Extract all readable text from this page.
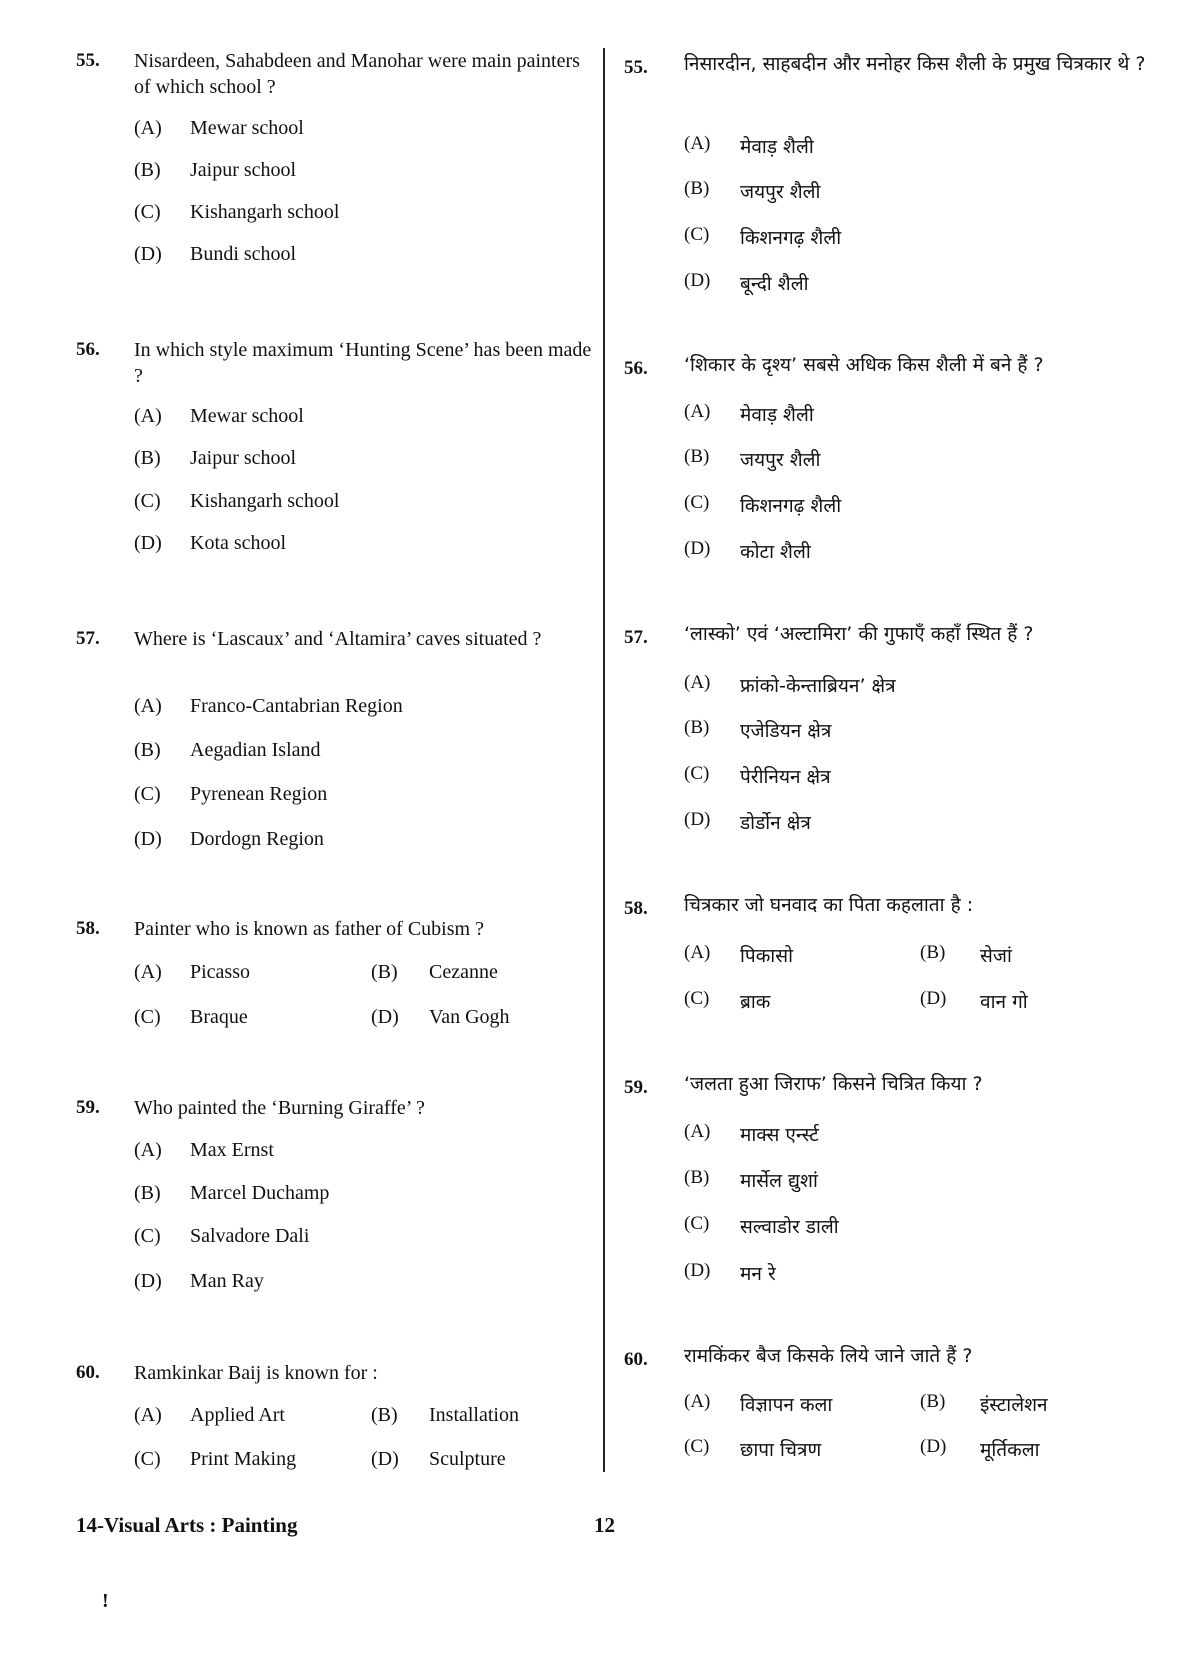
55. Nisardeen, Sahabdeen and Manohar were main painters of which school ?
(A) Mewar school
(B) Jaipur school
(C) Kishangarh school
(D) Bundi school
56. In which style maximum ‘Hunting Scene’ has been made ?
(A) Mewar school
(B) Jaipur school
(C) Kishangarh school
(D) Kota school
57. Where is ‘Lascaux’ and ‘Altamira’ caves situated ?
(A) Franco-Cantabrian Region
(B) Aegadian Island
(C) Pyrenean Region
(D) Dordogn Region
58. Painter who is known as father of Cubism ?
(A) Picasso	(B) Cezanne
(C) Braque	(D) Van Gogh
59. Who painted the ‘Burning Giraffe’ ?
(A) Max Ernst
(B) Marcel Duchamp
(C) Salvadore Dali
(D) Man Ray
60. Ramkinkar Baij is known for :
(A) Applied Art	(B) Installation
(C) Print Making	(D) Sculpture
55. निसारदीन, साहबदीन और मनोहर किस शैली के प्रमुख चित्रकार थे ?
(A) मेवाड़ शैली
(B) जयपुर शैली
(C) किशनगढ़ शैली
(D) बून्दी शैली
56. ‘शिकार के दृश्य’ सबसे अधिक किस शैली में बने हैं ?
(A) मेवाड़ शैली
(B) जयपुर शैली
(C) किशनगढ़ शैली
(D) कोटा शैली
57. ‘लास्को’ एवं ‘अल्टामिरा’ की गुफाएँ कहाँ स्थित हैं ?
(A) फ्रांको-केन्ताब्रियन’ क्षेत्र
(B) एजेडियन क्षेत्र
(C) पेरीनियन क्षेत्र
(D) डोर्डोन क्षेत्र
58. चित्रकार जो घनवाद का पिता कहलाता है :
(A) पिकासो	(B) सेजां
(C) ब्राक	(D) वान गो
59. ‘जलता हुआ जिराफ’ किसने चित्रित किया ?
(A) माक्स एर्न्स्ट
(B) मार्सेल द्युशां
(C) सल्वाडोर डाली
(D) मन रे
60. रामकिंकर बैज किसके लिये जाने जाते हैं ?
(A) विज्ञापन कला	(B) इंस्टालेशन
(C) छापा चित्रण	(D) मूर्तिकला
14-Visual Arts : Painting	12
!
